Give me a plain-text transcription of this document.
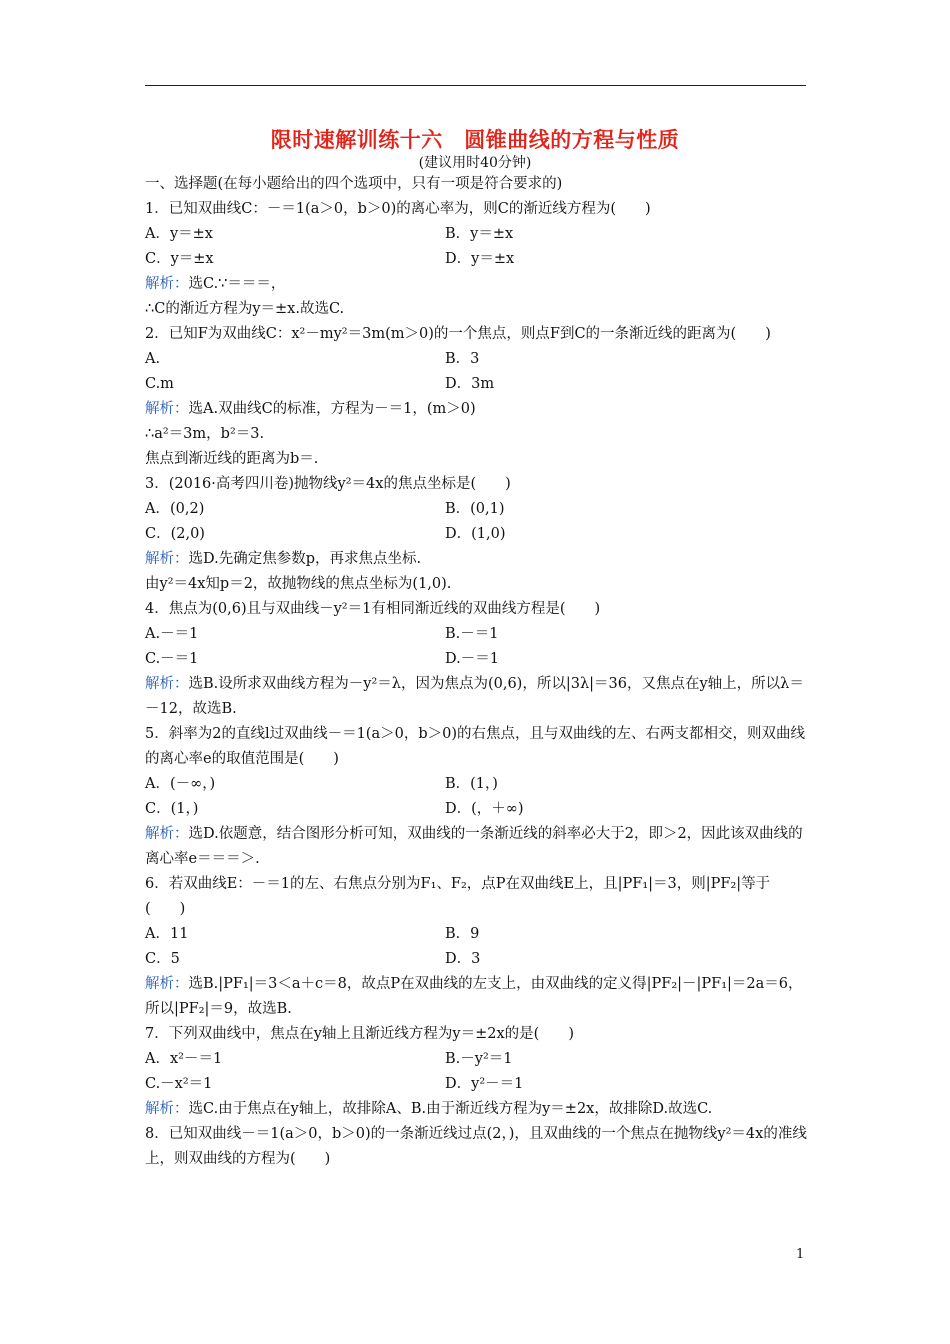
限时速解训练十六　圆锥曲线的方程与性质
(建议用时40分钟)
一、选择题(在每小题给出的四个选项中，只有一项是符合要求的)
1．已知双曲线C：－＝1(a＞0，b＞0)的离心率为，则C的渐近线方程为(　　)
A．y＝±x	B．y＝±x
C．y＝±x	D．y＝±x
解析：选C.∵＝＝＝，
∴C的渐近方程为y＝±x.故选C.
2．已知F为双曲线C：x²－my²＝3m(m＞0)的一个焦点，则点F到C的一条渐近线的距离为(　　)
A.	B．3
C.m	D．3m
解析：选A.双曲线C的标准，方程为－＝1，(m＞0)
∴a²＝3m，b²＝3.
焦点到渐近线的距离为b＝.
3．(2016·高考四川卷)抛物线y²＝4x的焦点坐标是(　　)
A．(0,2)	B．(0,1)
C．(2,0)	D．(1,0)
解析：选D.先确定焦参数p，再求焦点坐标.
由y²＝4x知p＝2，故抛物线的焦点坐标为(1,0).
4．焦点为(0,6)且与双曲线－y²＝1有相同渐近线的双曲线方程是(　　)
A.－＝1	B.－＝1
C.－＝1	D.－＝1
解析：选B.设所求双曲线方程为－y²＝λ，因为焦点为(0,6)，所以|3λ|＝36，又焦点在y轴上，所以λ＝－12，故选B.
5．斜率为2的直线l过双曲线－＝1(a＞0，b＞0)的右焦点，且与双曲线的左、右两支都相交，则双曲线的离心率e的取值范围是(　　)
A．(－∞，)	B．(1，)
C．(1，)	D．(，＋∞)
解析：选D.依题意，结合图形分析可知，双曲线的一条渐近线的斜率必大于2，即＞2，因此该双曲线的离心率e＝＝＝＞.
6．若双曲线E：－＝1的左、右焦点分别为F₁、F₂，点P在双曲线E上，且|PF₁|＝3，则|PF₂|等于(　　)
A．11	B．9
C．5	D．3
解析：选B.|PF₁|＝3＜a＋c＝8，故点P在双曲线的左支上，由双曲线的定义得|PF₂|－|PF₁|＝2a＝6，所以|PF₂|＝9，故选B.
7．下列双曲线中，焦点在y轴上且渐近线方程为y＝±2x的是(　　)
A．x²－＝1	B.－y²＝1
C.－x²＝1	D．y²－＝1
解析：选C.由于焦点在y轴上，故排除A、B.由于渐近线方程为y＝±2x，故排除D.故选C.
8．已知双曲线－＝1(a＞0，b＞0)的一条渐近线过点(2，)，且双曲线的一个焦点在抛物线y²＝4x的准线上，则双曲线的方程为(　　)
1
